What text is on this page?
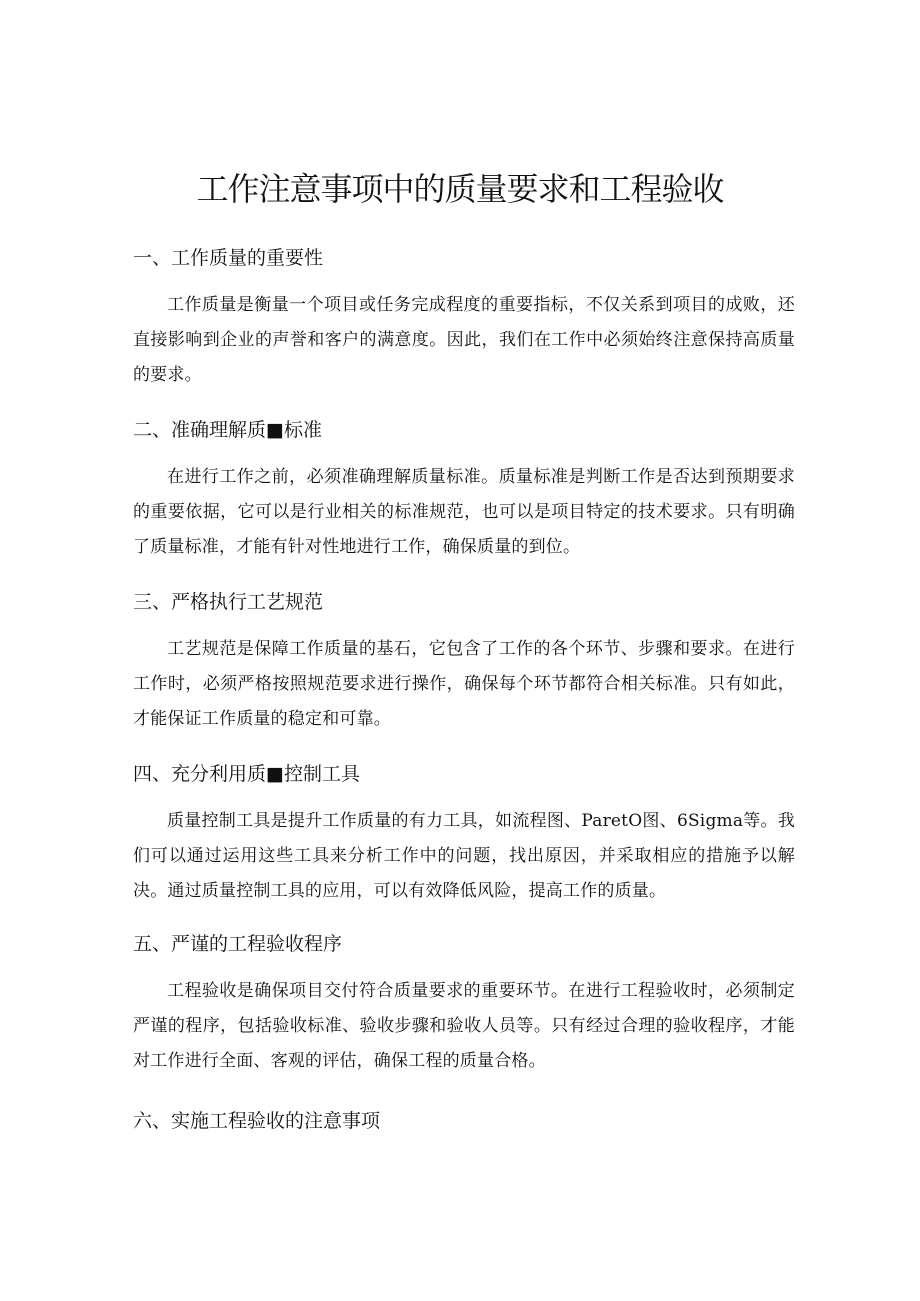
工作注意事项中的质量要求和工程验收
一、工作质量的重要性

工作质量是衡量一个项目或任务完成程度的重要指标，不仅关系到项目的成败，还直接影响到企业的声誉和客户的满意度。因此，我们在工作中必须始终注意保持高质量的要求。

二、准确理解质■标准

在进行工作之前，必须准确理解质量标准。质量标准是判断工作是否达到预期要求的重要依据，它可以是行业相关的标准规范，也可以是项目特定的技术要求。只有明确了质量标准，才能有针对性地进行工作，确保质量的到位。

三、严格执行工艺规范

工艺规范是保障工作质量的基石，它包含了工作的各个环节、步骤和要求。在进行工作时，必须严格按照规范要求进行操作，确保每个环节都符合相关标准。只有如此，才能保证工作质量的稳定和可靠。

四、充分利用质■控制工具

质量控制工具是提升工作质量的有力工具，如流程图、ParetO图、6Sigma等。我们可以通过运用这些工具来分析工作中的问题，找出原因，并采取相应的措施予以解决。通过质量控制工具的应用，可以有效降低风险，提高工作的质量。

五、严谨的工程验收程序

工程验收是确保项目交付符合质量要求的重要环节。在进行工程验收时，必须制定严谨的程序，包括验收标准、验收步骤和验收人员等。只有经过合理的验收程序，才能对工作进行全面、客观的评估，确保工程的质量合格。

六、实施工程验收的注意事项
